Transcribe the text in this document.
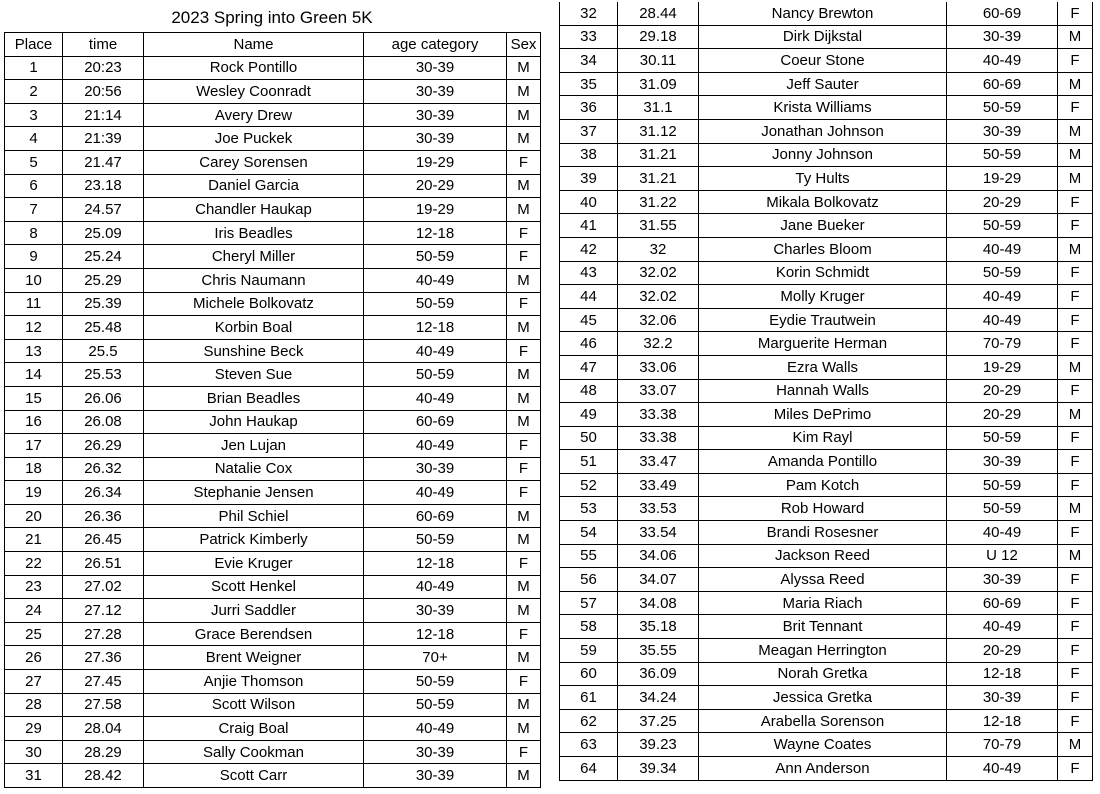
2023 Spring into Green 5K
Place	time	Name	age category	Sex
1	20:23	Rock Pontillo	30-39	M
2	20:56	Wesley Coonradt	30-39	M
3	21:14	Avery Drew	30-39	M
4	21:39	Joe Puckek	30-39	M
5	21.47	Carey Sorensen	19-29	F
6	23.18	Daniel Garcia	20-29	M
7	24.57	Chandler Haukap	19-29	M
8	25.09	Iris Beadles	12-18	F
9	25.24	Cheryl Miller	50-59	F
10	25.29	Chris Naumann	40-49	M
11	25.39	Michele Bolkovatz	50-59	F
12	25.48	Korbin Boal	12-18	M
13	25.5	Sunshine Beck	40-49	F
14	25.53	Steven Sue	50-59	M
15	26.06	Brian Beadles	40-49	M
16	26.08	John Haukap	60-69	M
17	26.29	Jen Lujan	40-49	F
18	26.32	Natalie Cox	30-39	F
19	26.34	Stephanie Jensen	40-49	F
20	26.36	Phil Schiel	60-69	M
21	26.45	Patrick Kimberly	50-59	M
22	26.51	Evie Kruger	12-18	F
23	27.02	Scott Henkel	40-49	M
24	27.12	Jurri Saddler	30-39	M
25	27.28	Grace Berendsen	12-18	F
26	27.36	Brent Weigner	70+	M
27	27.45	Anjie Thomson	50-59	F
28	27.58	Scott Wilson	50-59	M
29	28.04	Craig Boal	40-49	M
30	28.29	Sally Cookman	30-39	F
31	28.42	Scott Carr	30-39	M
32	28.44	Nancy Brewton	60-69	F
33	29.18	Dirk Dijkstal	30-39	M
34	30.11	Coeur Stone	40-49	F
35	31.09	Jeff Sauter	60-69	M
36	31.1	Krista Williams	50-59	F
37	31.12	Jonathan Johnson	30-39	M
38	31.21	Jonny Johnson	50-59	M
39	31.21	Ty Hults	19-29	M
40	31.22	Mikala Bolkovatz	20-29	F
41	31.55	Jane Bueker	50-59	F
42	32	Charles Bloom	40-49	M
43	32.02	Korin Schmidt	50-59	F
44	32.02	Molly Kruger	40-49	F
45	32.06	Eydie Trautwein	40-49	F
46	32.2	Marguerite Herman	70-79	F
47	33.06	Ezra Walls	19-29	M
48	33.07	Hannah Walls	20-29	F
49	33.38	Miles DePrimo	20-29	M
50	33.38	Kim Rayl	50-59	F
51	33.47	Amanda Pontillo	30-39	F
52	33.49	Pam Kotch	50-59	F
53	33.53	Rob Howard	50-59	M
54	33.54	Brandi Rosesner	40-49	F
55	34.06	Jackson Reed	U 12	M
56	34.07	Alyssa Reed	30-39	F
57	34.08	Maria Riach	60-69	F
58	35.18	Brit Tennant	40-49	F
59	35.55	Meagan Herrington	20-29	F
60	36.09	Norah Gretka	12-18	F
61	34.24	Jessica Gretka	30-39	F
62	37.25	Arabella Sorenson	12-18	F
63	39.23	Wayne Coates	70-79	M
64	39.34	Ann Anderson	40-49	F
